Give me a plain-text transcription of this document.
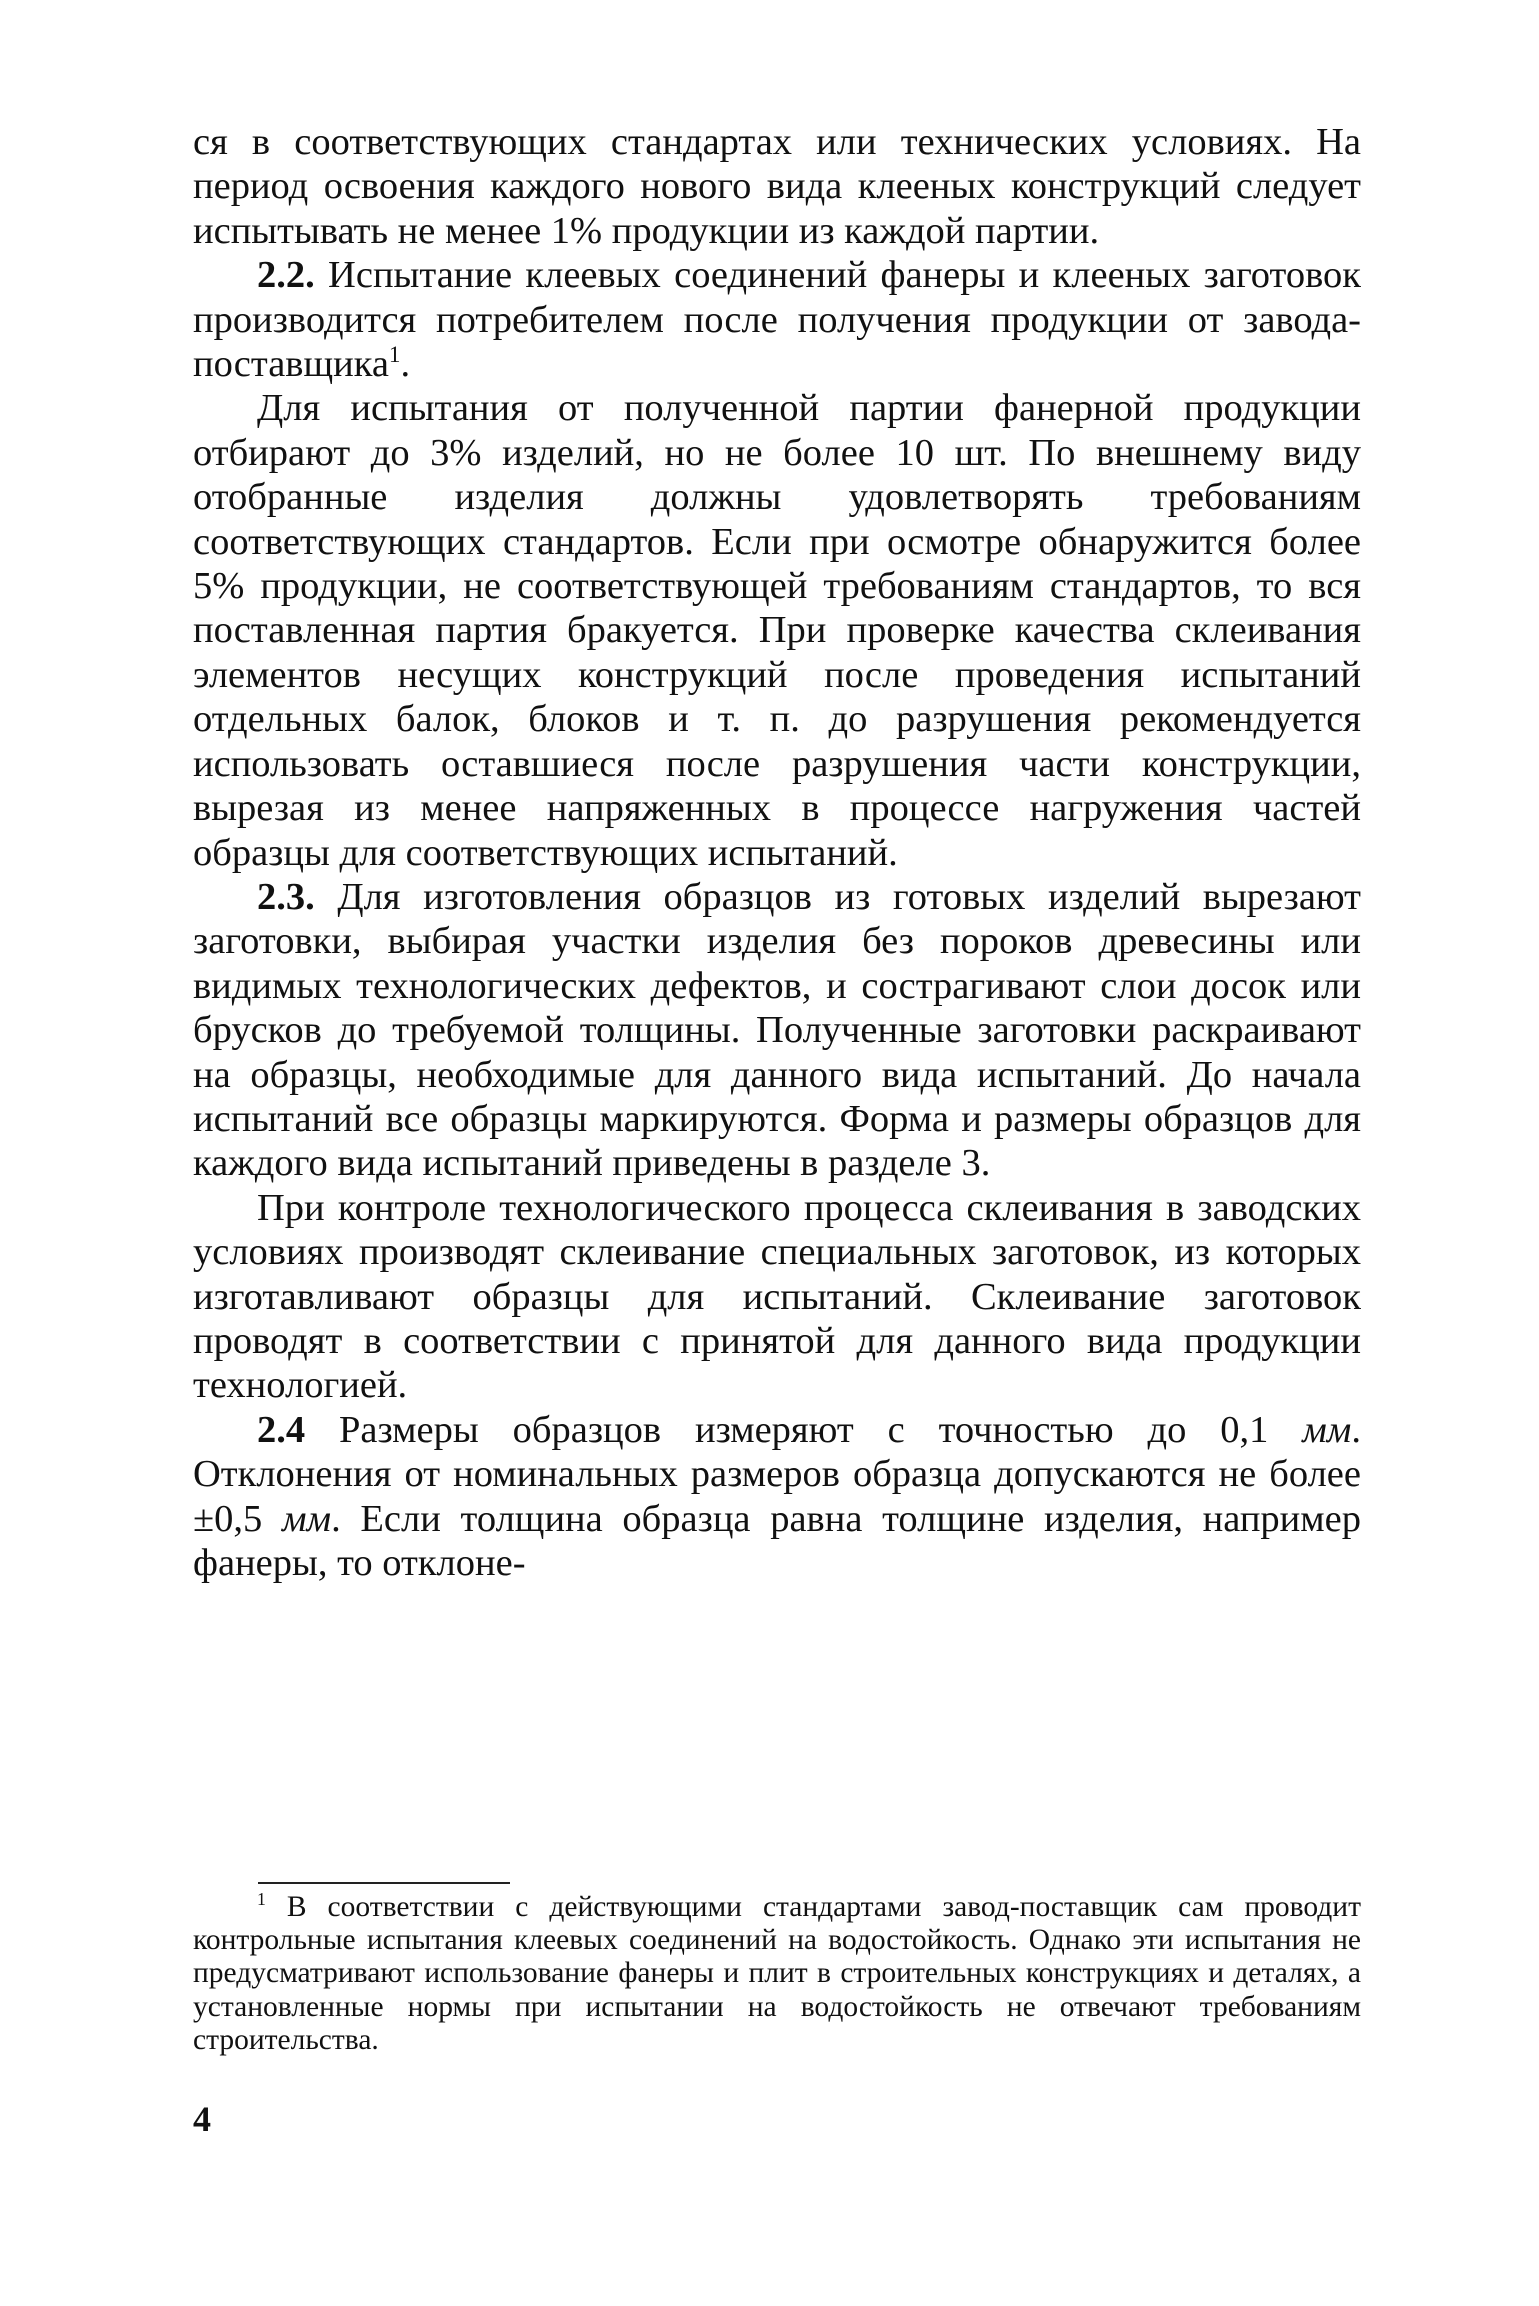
ся в соответствующих стандартах или технических условиях. На период освоения каждого нового вида клееных конструкций следует испытывать не менее 1% продукции из каждой партии.

2.2. Испытание клеевых соединений фанеры и клееных заготовок производится потребителем после получения продукции от завода-поставщика$^1$.

Для испытания от полученной партии фанерной продукции отбирают до 3% изделий, но не более 10 шт. По внешнему виду отобранные изделия должны удовлетворять требованиям соответствующих стандартов. Если при осмотре обнаружится более 5% продукции, не соответствующей требованиям стандартов, то вся поставленная партия бракуется. При проверке качества склеивания элементов несущих конструкций после проведения испытаний отдельных балок, блоков и т. п. до разрушения рекомендуется использовать оставшиеся после разрушения части конструкции, вырезая из менее напряженных в процессе нагружения частей образцы для соответствующих испытаний.

2.3. Для изготовления образцов из готовых изделий вырезают заготовки, выбирая участки изделия без пороков древесины или видимых технологических дефектов, и сострагивают слои досок или брусков до требуемой толщины. Полученные заготовки раскраивают на образцы, необходимые для данного вида испытаний. До начала испытаний все образцы маркируются. Форма и размеры образцов для каждого вида испытаний приведены в разделе 3.

При контроле технологического процесса склеивания в заводских условиях производят склеивание специальных заготовок, из которых изготавливают образцы для испытаний. Склеивание заготовок проводят в соответствии с принятой для данного вида продукции технологией.

2.4 Размеры образцов измеряют с точностью до 0,1 мм. Отклонения от номинальных размеров образца допускаются не более ±0,5 мм. Если толщина образца равна толщине изделия, например фанеры, то отклоне-

$^1$ В соответствии с действующими стандартами завод-поставщик сам проводит контрольные испытания клеевых соединений на водостойкость. Однако эти испытания не предусматривают использование фанеры и плит в строительных конструкциях и деталях, а установленные нормы при испытании на водостойкость не отвечают требованиям строительства.
4
